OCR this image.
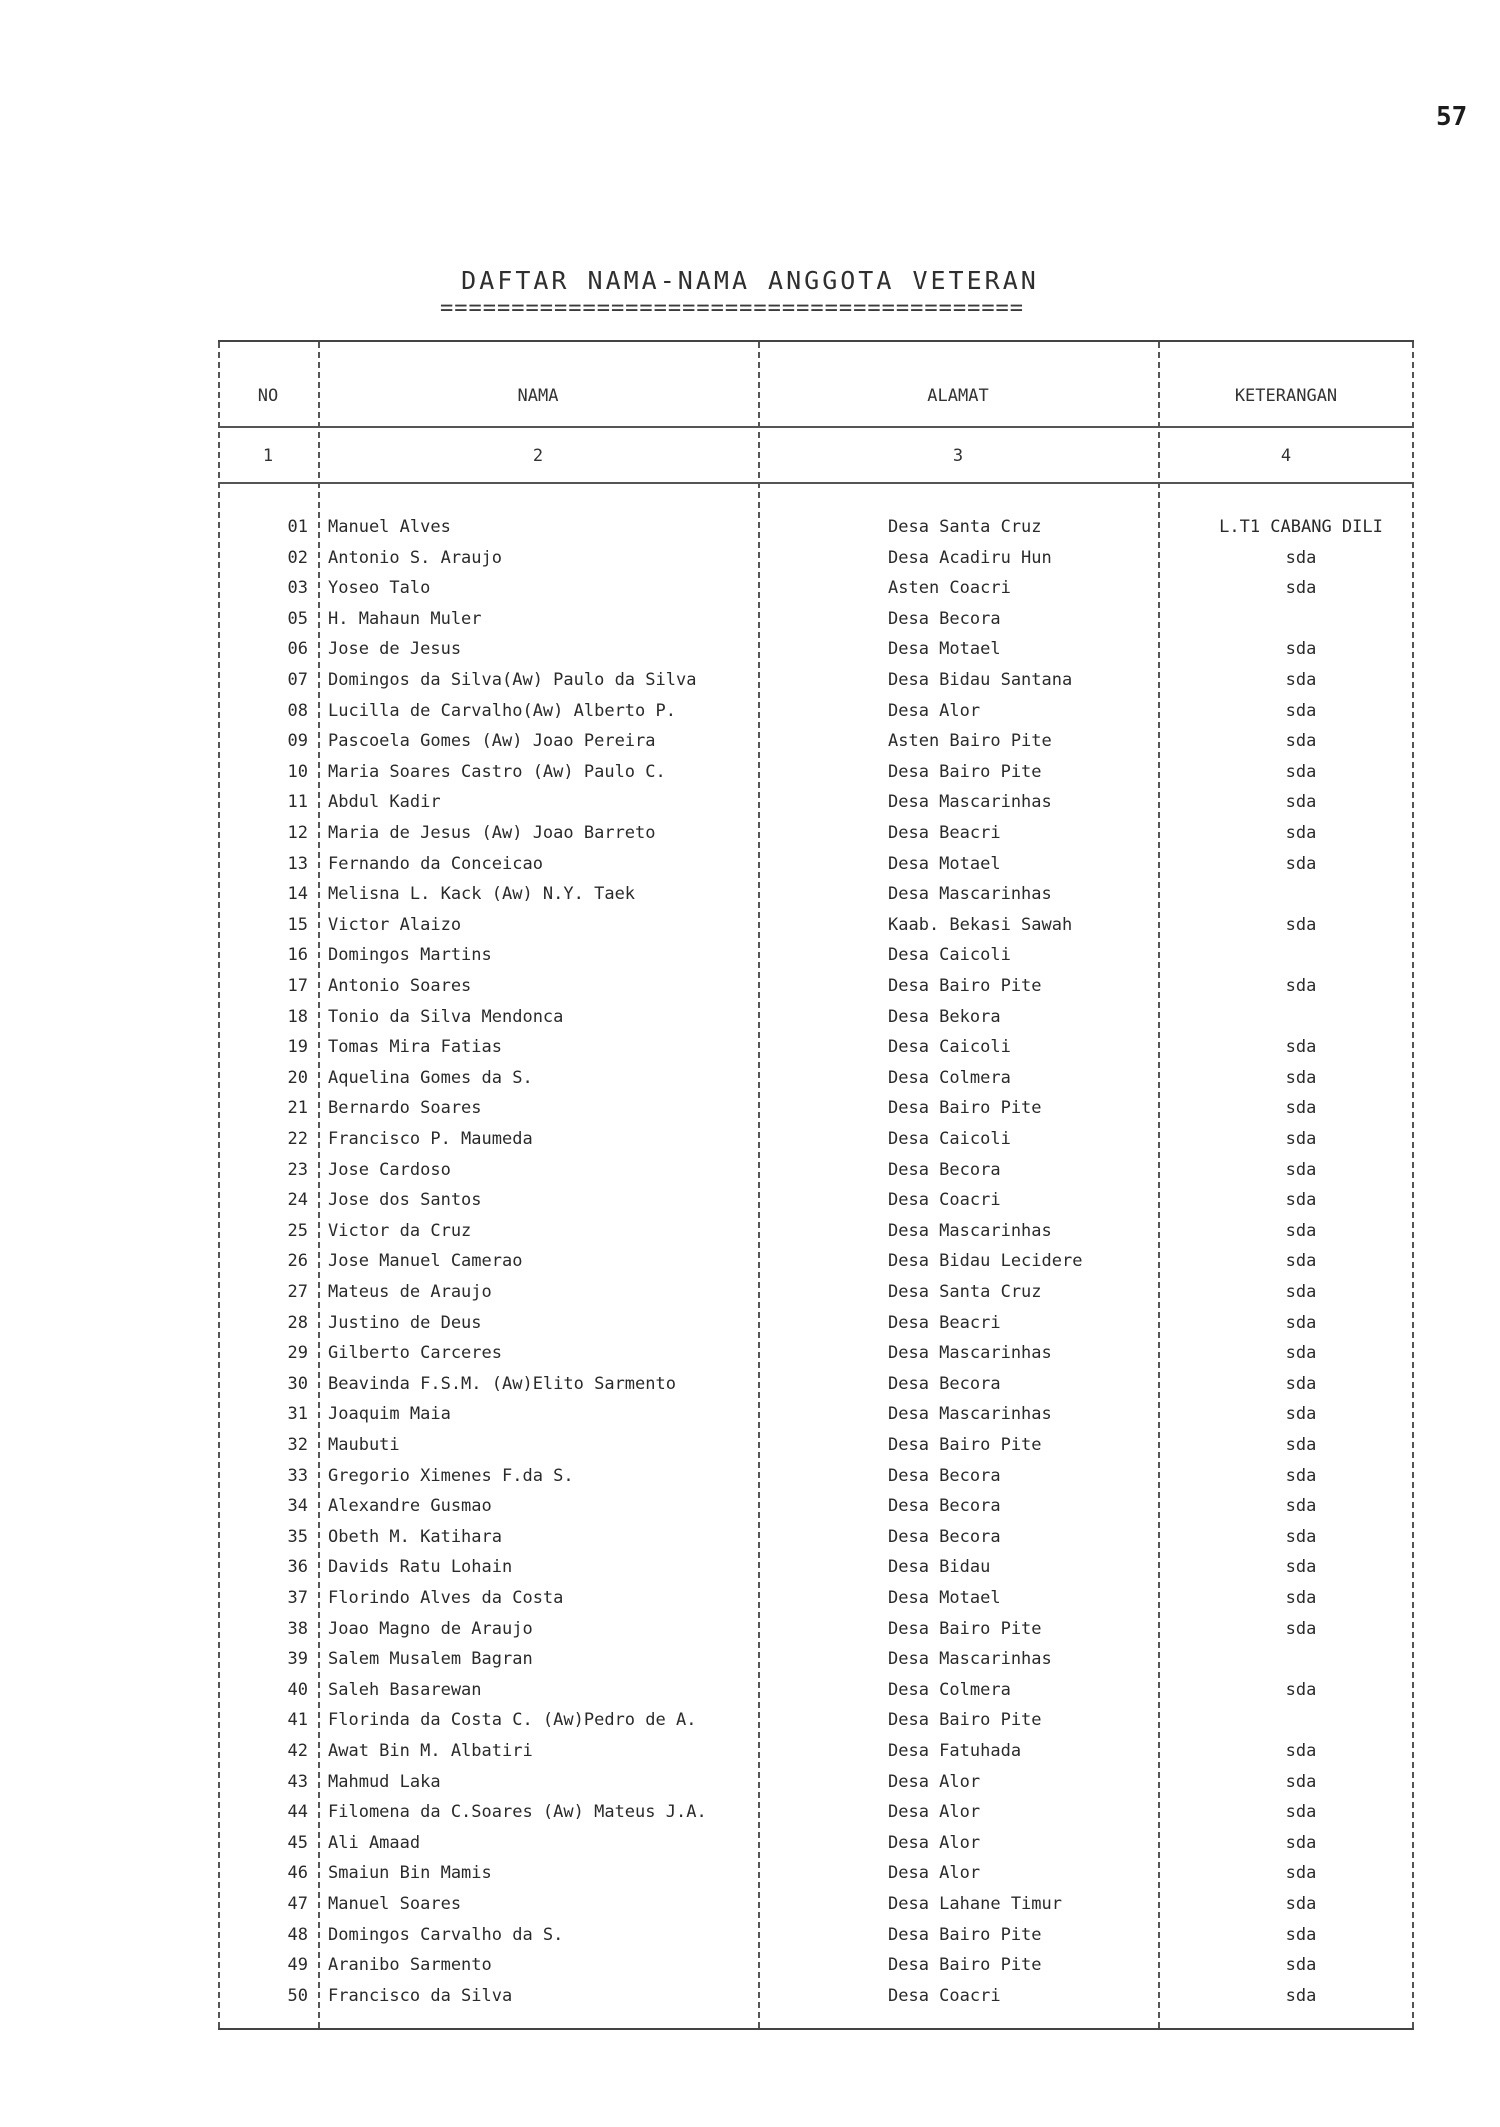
57
DAFTAR NAMA-NAMA ANGGOTA VETERAN
=========================================
NO	NAMA	ALAMAT	KETERANGAN
1	2	3	4
01 Manuel Alves	Desa Santa Cruz	L.T1 CABANG DILI
02 Antonio S. Araujo	Desa Acadiru Hun	sda
03 Yoseo Talo	Asten Coacri	sda
05 H. Mahaun Muler	Desa Becora
06 Jose de Jesus	Desa Motael	sda
07 Domingos da Silva(Aw) Paulo da Silva	Desa Bidau Santana	sda
08 Lucilla de Carvalho(Aw) Alberto P.	Desa Alor	sda
09 Pascoela Gomes (Aw) Joao Pereira	Asten Bairo Pite	sda
10 Maria Soares Castro (Aw) Paulo C.	Desa Bairo Pite	sda
11 Abdul Kadir	Desa Mascarinhas	sda
12 Maria de Jesus (Aw) Joao Barreto	Desa Beacri	sda
13 Fernando da Conceicao	Desa Motael	sda
14 Melisna L. Kack (Aw) N.Y. Taek	Desa Mascarinhas
15 Victor Alaizo	Kaab. Bekasi Sawah	sda
16 Domingos Martins	Desa Caicoli
17 Antonio Soares	Desa Bairo Pite	sda
18 Tonio da Silva Mendonca	Desa Bekora
19 Tomas Mira Fatias	Desa Caicoli	sda
20 Aquelina Gomes da S.	Desa Colmera	sda
21 Bernardo Soares	Desa Bairo Pite	sda
22 Francisco P. Maumeda	Desa Caicoli	sda
23 Jose Cardoso	Desa Becora	sda
24 Jose dos Santos	Desa Coacri	sda
25 Victor da Cruz	Desa Mascarinhas	sda
26 Jose Manuel Camerao	Desa Bidau Lecidere	sda
27 Mateus de Araujo	Desa Santa Cruz	sda
28 Justino de Deus	Desa Beacri	sda
29 Gilberto Carceres	Desa Mascarinhas	sda
30 Beavinda F.S.M. (Aw)Elito Sarmento	Desa Becora	sda
31 Joaquim Maia	Desa Mascarinhas	sda
32 Maubuti	Desa Bairo Pite	sda
33 Gregorio Ximenes F.da S.	Desa Becora	sda
34 Alexandre Gusmao	Desa Becora	sda
35 Obeth M. Katihara	Desa Becora	sda
36 Davids Ratu Lohain	Desa Bidau	sda
37 Florindo Alves da Costa	Desa Motael	sda
38 Joao Magno de Araujo	Desa Bairo Pite	sda
39 Salem Musalem Bagran	Desa Mascarinhas
40 Saleh Basarewan	Desa Colmera	sda
41 Florinda da Costa C. (Aw)Pedro de A.	Desa Bairo Pite
42 Awat Bin M. Albatiri	Desa Fatuhada	sda
43 Mahmud Laka	Desa Alor	sda
44 Filomena da C.Soares (Aw) Mateus J.A.	Desa Alor	sda
45 Ali Amaad	Desa Alor	sda
46 Smaiun Bin Mamis	Desa Alor	sda
47 Manuel Soares	Desa Lahane Timur	sda
48 Domingos Carvalho da S.	Desa Bairo Pite	sda
49 Aranibo Sarmento	Desa Bairo Pite	sda
50 Francisco da Silva	Desa Coacri	sda
